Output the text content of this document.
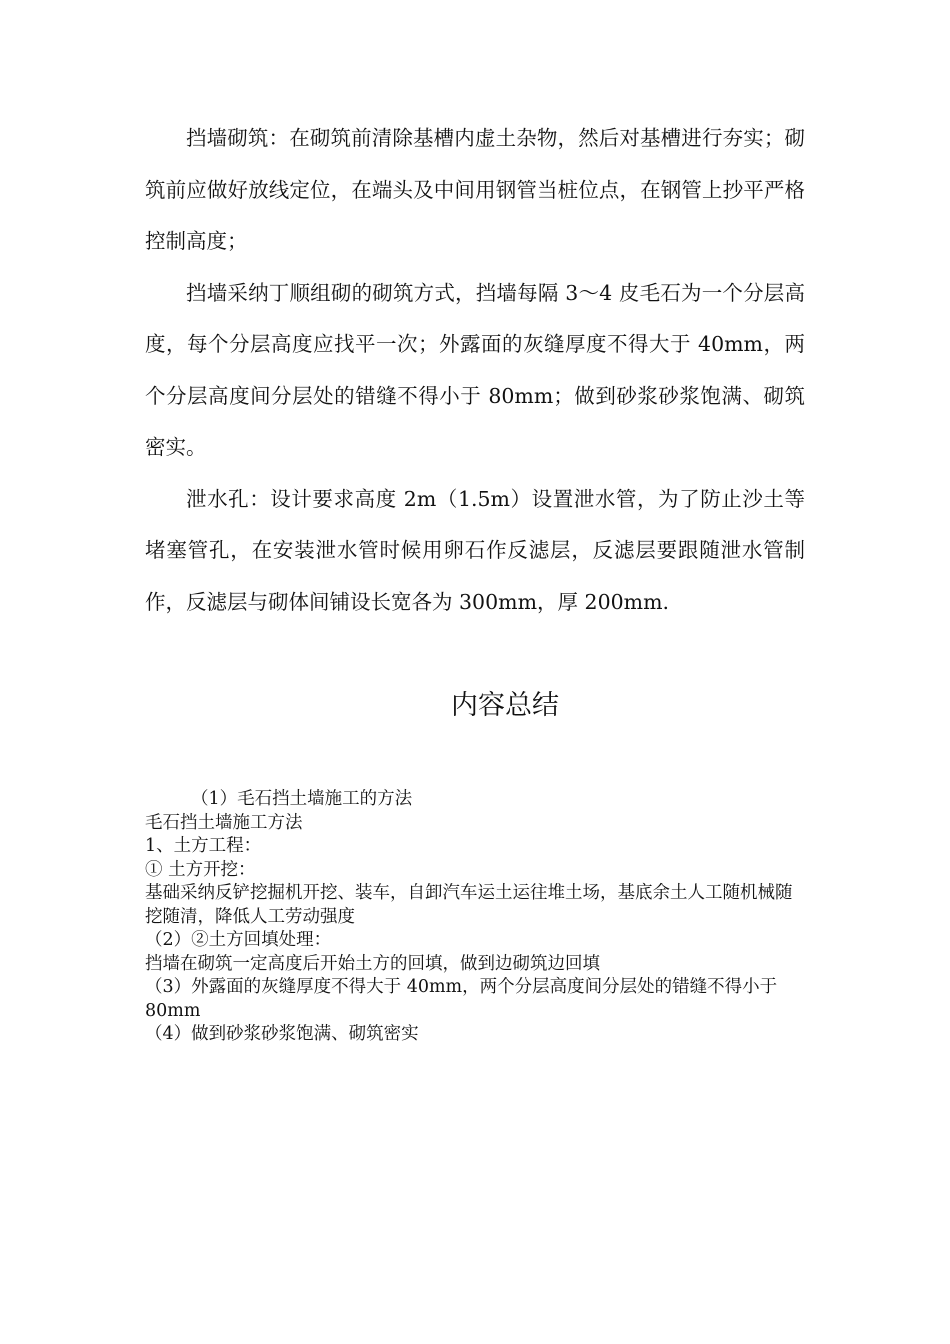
挡墙砌筑：在砌筑前清除基槽内虚土杂物，然后对基槽进行夯实；砌筑前应做好放线定位，在端头及中间用钢管当桩位点，在钢管上抄平严格控制高度；

挡墙采纳丁顺组砌的砌筑方式，挡墙每隔 3～4 皮毛石为一个分层高度，每个分层高度应找平一次；外露面的灰缝厚度不得大于 40mm，两个分层高度间分层处的错缝不得小于 80mm；做到砂浆砂浆饱满、砌筑密实。

泄水孔：设计要求高度 2m（1.5m）设置泄水管，为了防止沙土等堵塞管孔，在安装泄水管时候用卵石作反滤层，反滤层要跟随泄水管制作，反滤层与砌体间铺设长宽各为 300mm，厚 200mm.

内容总结
（1）毛石挡土墙施工的方法
毛石挡土墙施工方法
1、土方工程：
① 土方开挖：
基础采纳反铲挖掘机开挖、装车，自卸汽车运土运往堆土场，基底余土人工随机械随挖随清，降低人工劳动强度
（2）②土方回填处理：
挡墙在砌筑一定高度后开始土方的回填，做到边砌筑边回填
（3）外露面的灰缝厚度不得大于 40mm，两个分层高度间分层处的错缝不得小于 80mm
（4）做到砂浆砂浆饱满、砌筑密实
